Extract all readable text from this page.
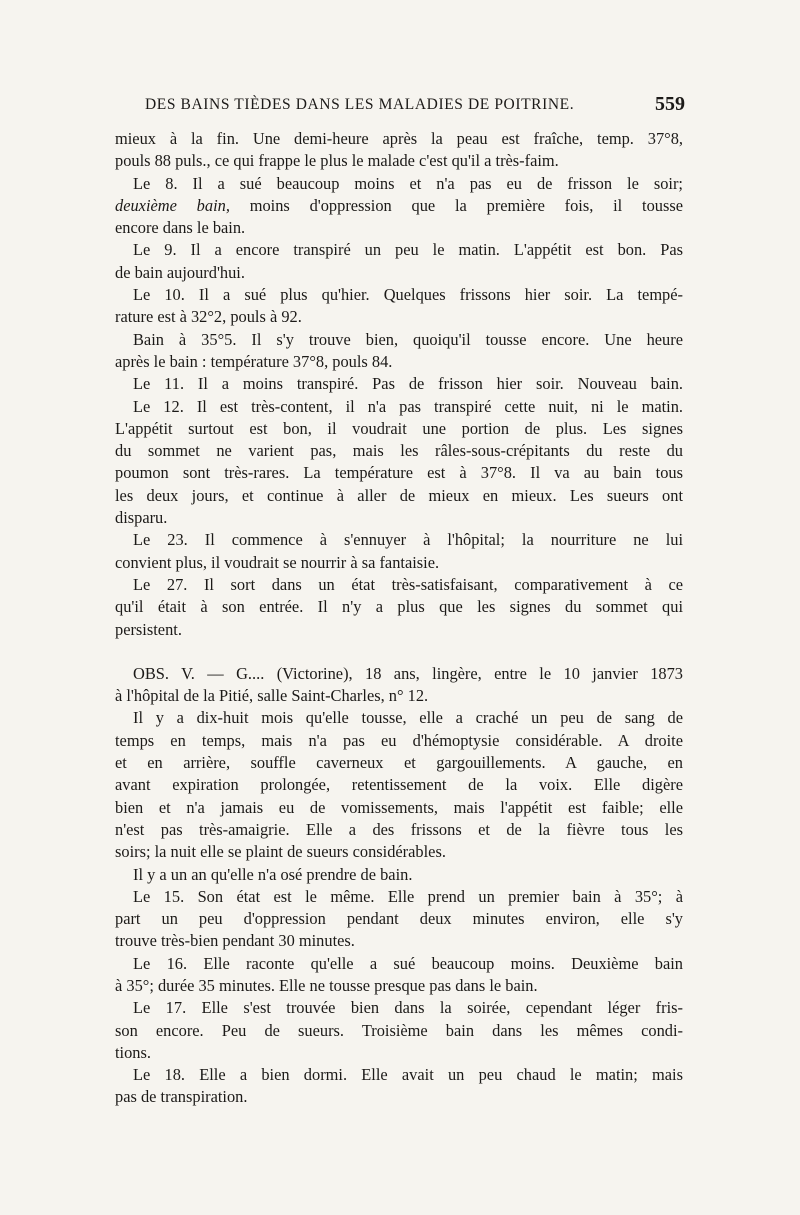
DES BAINS TIÈDES DANS LES MALADIES DE POITRINE.	559
mieux à la fin. Une demi-heure après la peau est fraîche, temp. 37°8,
pouls 88 puls., ce qui frappe le plus le malade c'est qu'il a très-faim.
Le 8. Il a sué beaucoup moins et n'a pas eu de frisson le soir;
deuxième bain, moins d'oppression que la première fois, il tousse
encore dans le bain.
Le 9. Il a encore transpiré un peu le matin. L'appétit est bon. Pas
de bain aujourd'hui.
Le 10. Il a sué plus qu'hier. Quelques frissons hier soir. La tempé-
rature est à 32°2, pouls à 92.
Bain à 35°5. Il s'y trouve bien, quoiqu'il tousse encore. Une heure
après le bain : température 37°8, pouls 84.
Le 11. Il a moins transpiré. Pas de frisson hier soir. Nouveau bain.
Le 12. Il est très-content, il n'a pas transpiré cette nuit, ni le matin.
L'appétit surtout est bon, il voudrait une portion de plus. Les signes
du sommet ne varient pas, mais les râles-sous-crépitants du reste du
poumon sont très-rares. La température est à 37°8. Il va au bain tous
les deux jours, et continue à aller de mieux en mieux. Les sueurs ont
disparu.
Le 23. Il commence à s'ennuyer à l'hôpital; la nourriture ne lui
convient plus, il voudrait se nourrir à sa fantaisie.
Le 27. Il sort dans un état très-satisfaisant, comparativement à ce
qu'il était à son entrée. Il n'y a plus que les signes du sommet qui
persistent.
OBS. V. — G.... (Victorine), 18 ans, lingère, entre le 10 janvier 1873
à l'hôpital de la Pitié, salle Saint-Charles, n° 12.
Il y a dix-huit mois qu'elle tousse, elle a craché un peu de sang de
temps en temps, mais n'a pas eu d'hémoptysie considérable. A droite
et en arrière, souffle caverneux et gargouillements. A gauche, en
avant expiration prolongée, retentissement de la voix. Elle digère
bien et n'a jamais eu de vomissements, mais l'appétit est faible; elle
n'est pas très-amaigrie. Elle a des frissons et de la fièvre tous les
soirs; la nuit elle se plaint de sueurs considérables.
Il y a un an qu'elle n'a osé prendre de bain.
Le 15. Son état est le même. Elle prend un premier bain à 35°; à
part un peu d'oppression pendant deux minutes environ, elle s'y
trouve très-bien pendant 30 minutes.
Le 16. Elle raconte qu'elle a sué beaucoup moins. Deuxième bain
à 35°; durée 35 minutes. Elle ne tousse presque pas dans le bain.
Le 17. Elle s'est trouvée bien dans la soirée, cependant léger fris-
son encore. Peu de sueurs. Troisième bain dans les mêmes condi-
tions.
Le 18. Elle a bien dormi. Elle avait un peu chaud le matin; mais
pas de transpiration.
